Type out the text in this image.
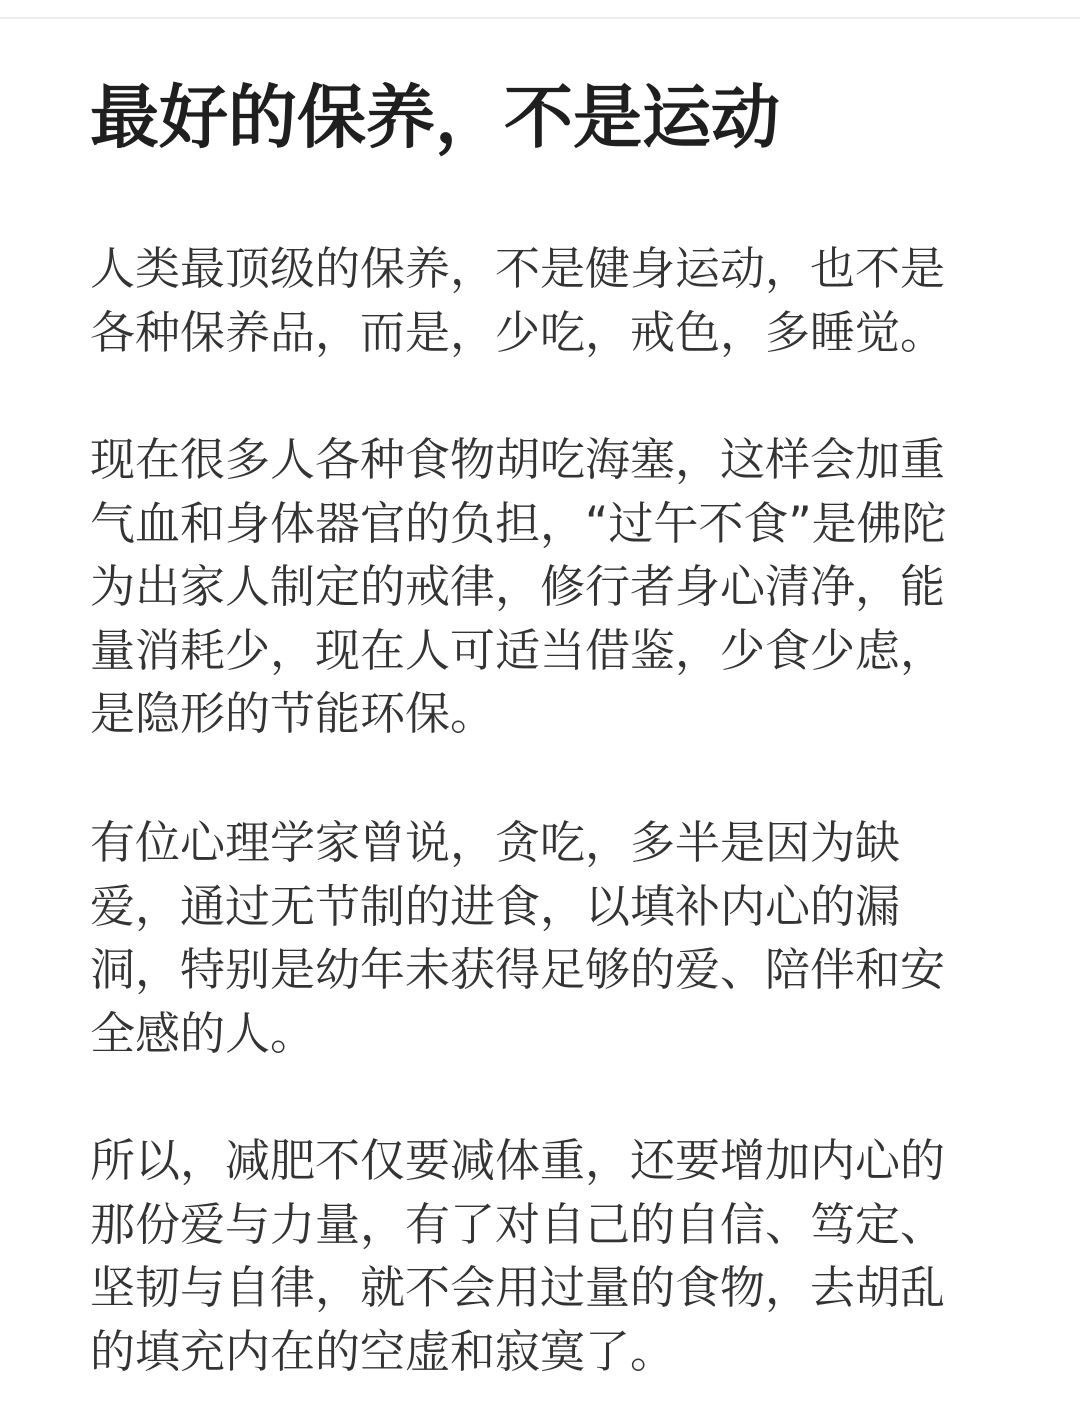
最好的保养，不是运动

人类最顶级的保养，不是健身运动，也不是
各种保养品，而是，少吃，戒色，多睡觉。

现在很多人各种食物胡吃海塞，这样会加重
气血和身体器官的负担，“过午不食”是佛陀
为出家人制定的戒律，修行者身心清净，能
量消耗少，现在人可适当借鉴，少食少虑，
是隐形的节能环保。

有位心理学家曾说，贪吃，多半是因为缺
爱，通过无节制的进食，以填补内心的漏
洞，特别是幼年未获得足够的爱、陪伴和安
全感的人。

所以，减肥不仅要减体重，还要增加内心的
那份爱与力量，有了对自己的自信、笃定、
坚韧与自律，就不会用过量的食物，去胡乱
的填充内在的空虚和寂寞了。
